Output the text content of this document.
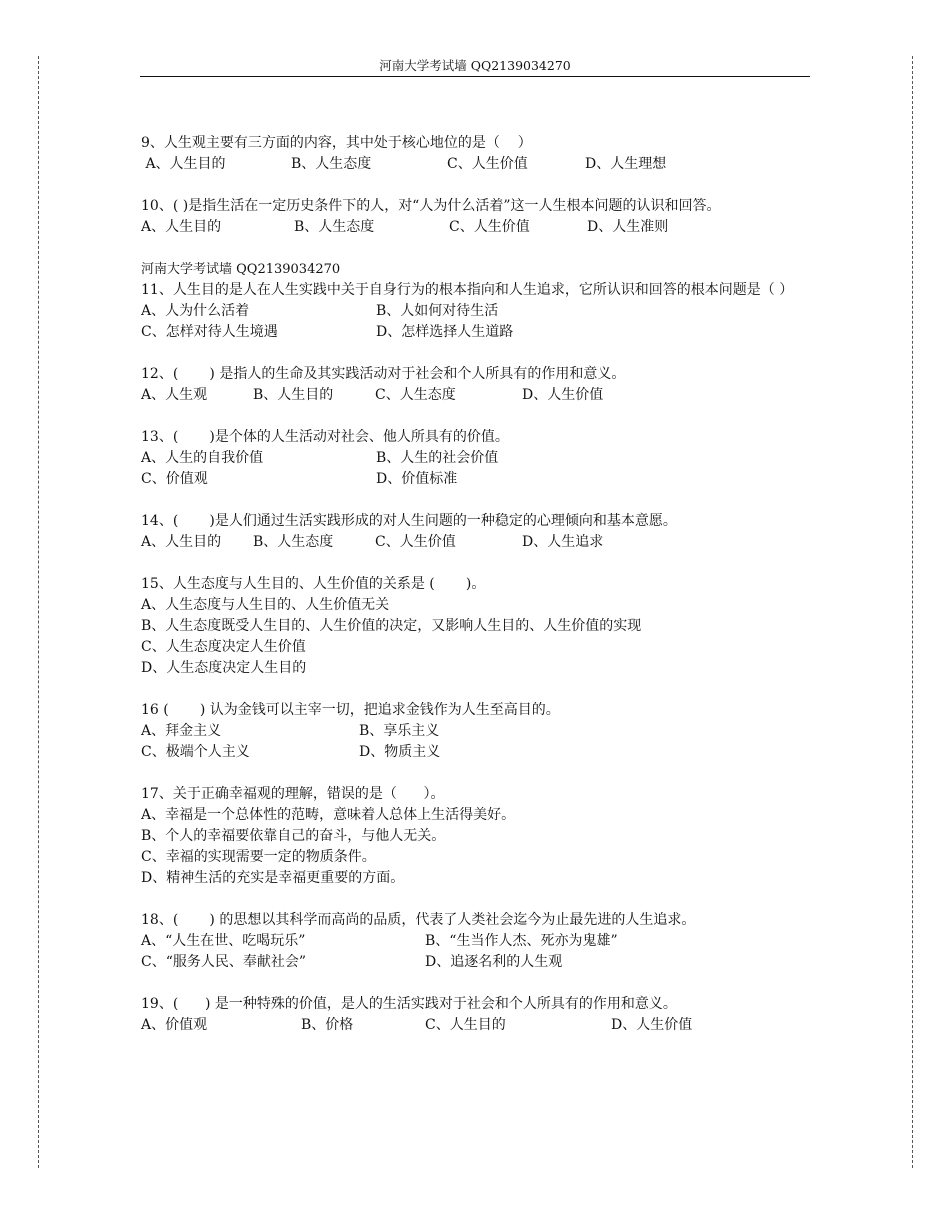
河南大学考试墙 QQ2139034270
9、人生观主要有三方面的内容，其中处于核心地位的是（    ）
A、人生目的	B、人生态度	C、人生价值	D、人生理想
10、( )是指生活在一定历史条件下的人，对“人为什么活着”这一人生根本问题的认识和回答。
A、人生目的	B、人生态度	C、人生价值	D、人生准则
河南大学考试墙 QQ2139034270
11、人生目的是人在人生实践中关于自身行为的根本指向和人生追求，它所认识和回答的根本问题是（ ）
A、人为什么活着	B、人如何对待生活
C、怎样对待人生境遇	D、怎样选择人生道路
12、(       ) 是指人的生命及其实践活动对于社会和个人所具有的作用和意义。
A、人生观	B、人生目的	C、人生态度	D、人生价值
13、(       )是个体的人生活动对社会、他人所具有的价值。
A、人生的自我价值	B、人生的社会价值
C、价值观	D、价值标准
14、(       )是人们通过生活实践形成的对人生问题的一种稳定的心理倾向和基本意愿。
A、人生目的	B、人生态度	C、人生价值	D、人生追求
15、人生态度与人生目的、人生价值的关系是 (       )。
A、人生态度与人生目的、人生价值无关
B、人生态度既受人生目的、人生价值的决定，又影响人生目的、人生价值的实现
C、人生态度决定人生价值
D、人生态度决定人生目的
16 (       ) 认为金钱可以主宰一切，把追求金钱作为人生至高目的。
A、拜金主义	B、享乐主义
C、极端个人主义	D、物质主义
17、关于正确幸福观的理解，错误的是（      ）。
A、幸福是一个总体性的范畴，意味着人总体上生活得美好。
B、个人的幸福要依靠自己的奋斗，与他人无关。
C、幸福的实现需要一定的物质条件。
D、精神生活的充实是幸福更重要的方面。
18、(       ) 的思想以其科学而高尚的品质，代表了人类社会迄今为止最先进的人生追求。
A、“人生在世、吃喝玩乐”	B、“生当作人杰、死亦为鬼雄”
C、“服务人民、奉献社会”	D、追逐名利的人生观
19、(      ) 是一种特殊的价值，是人的生活实践对于社会和个人所具有的作用和意义。
A、价值观	B、价格	C、人生目的	D、人生价值
